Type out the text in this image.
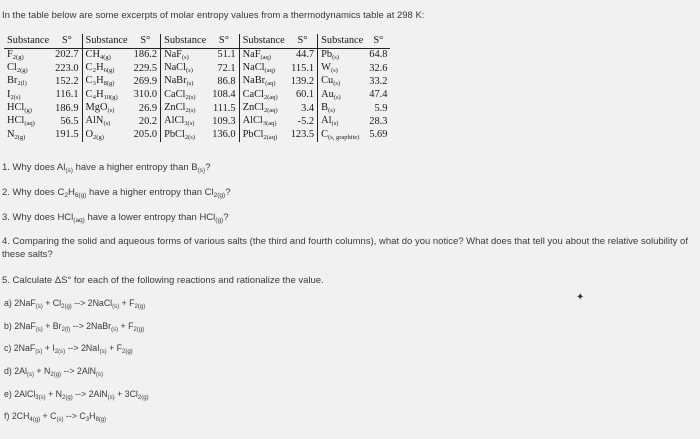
In the table below are some excerpts of molar entropy values from a thermodynamics table at 298 K:
Substance	S°	Substance	S°	Substance	S°	Substance	S°	Substance	S°
$F_{2(g)}$	202.7	$CH_{4(g)}$	186.2	NaF$_{(s)}$	51.1	NaF$_{(aq)}$	44.7	$Pb_{(s)}$	64.8
$Cl_{2(g)}$	223.0	$C_2H_{6(g)}$	229.5	NaCl$_{(s)}$	72.1	NaCl$_{(aq)}$	115.1	$W_{(s)}$	32.6
$Br_{2(l)}$	152.2	$C_3H_{8(g)}$	269.9	NaBr$_{(s)}$	86.8	NaBr$_{(aq)}$	139.2	$Cu_{(s)}$	33.2
$I_{2(s)}$	116.1	$C_4H_{10(g)}$	310.0	CaCl$_{2(s)}$	108.4	CaCl$_{2(aq)}$	60.1	$Au_{(s)}$	47.4
HCl$_{(g)}$	186.9	MgO$_{(s)}$	26.9	ZnCl$_{2(s)}$	111.5	ZnCl$_{2(aq)}$	3.4	$B_{(s)}$	5.9
HCl$_{(aq)}$	56.5	AlN$_{(s)}$	20.2	AlCl$_{3(s)}$	109.3	AlCl$_{3(aq)}$	-5.2	$Al_{(s)}$	28.3
$N_{2(g)}$	191.5	$O_{2(g)}$	205.0	PbCl$_{2(s)}$	136.0	PbCl$_{2(aq)}$	123.5	$C_{(s, graphite)}$	5.69
1. Why does $Al_{(s)}$ have a higher entropy than $B_{(s)}$?
2. Why does $C_2H_{6(g)}$ have a higher entropy than $Cl_{2(g)}$?
3. Why does HCl$_{(aq)}$ have a lower entropy than HCl$_{(g)}$?
4. Comparing the solid and aqueous forms of various salts (the third and fourth columns), what do you notice? What does that tell you about the relative solubility of these salts?
5. Calculate ΔS° for each of the following reactions and rationalize the value.
a) $2NaF_{(s)} + Cl_{2(g)}$ --> 2NaCl$_{(s)}$ + $F_{2(g)}$
b) $2NaF_{(s)} + Br_{2(l)}$ --> 2NaBr$_{(s)}$ + $F_{2(g)}$
c) $2NaF_{(s)} + I_{2(s)}$ --> $2NaI_{(s)} + F_{2(g)}$
d) $2Al_{(s)} + N_{2(g)}$ --> 2AlN$_{(s)}$
e) 2AlCl$_{3(s)}$ + $N_{2(g)}$ --> $2AlN_{(s)} + 3Cl_{2(g)}$
f) $2CH_{4(g)} + C_{(s)}$ --> $C_3H_{8(g)}$
✦
